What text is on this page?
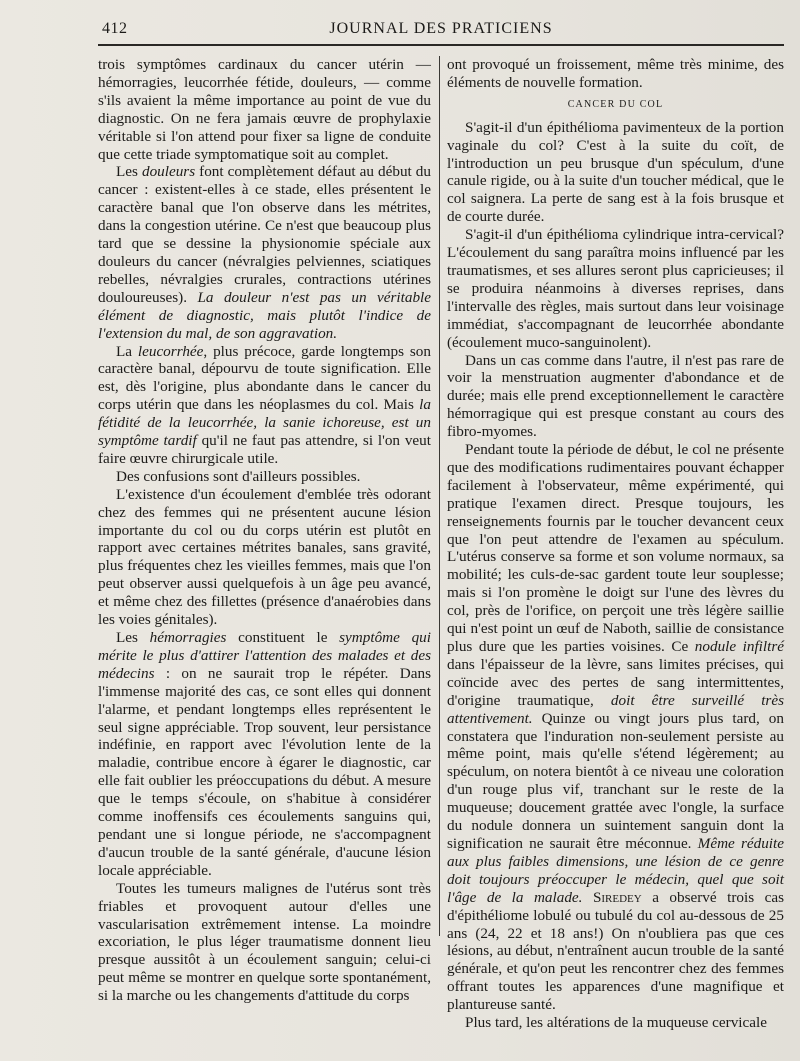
412	JOURNAL DES PRATICIENS

trois symptômes cardinaux du cancer utérin — hémorragies, leucorrhée fétide, douleurs, — comme s'ils avaient la même importance au point de vue du diagnostic. On ne fera jamais œuvre de prophylaxie véritable si l'on attend pour fixer sa ligne de conduite que cette triade symptomatique soit au complet.

Les douleurs font complètement défaut au début du cancer : existent-elles à ce stade, elles présentent le caractère banal que l'on observe dans les métrites, dans la congestion utérine. Ce n'est que beaucoup plus tard que se dessine la physionomie spéciale aux douleurs du cancer (névralgies pelviennes, sciatiques rebelles, névralgies crurales, contractions utérines douloureuses). La douleur n'est pas un véritable élément de diagnostic, mais plutôt l'indice de l'extension du mal, de son aggravation.

La leucorrhée, plus précoce, garde longtemps son caractère banal, dépourvu de toute signification. Elle est, dès l'origine, plus abondante dans le cancer du corps utérin que dans les néoplasmes du col. Mais la fétidité de la leucorrhée, la sanie ichoreuse, est un symptôme tardif qu'il ne faut pas attendre, si l'on veut faire œuvre chirurgicale utile.

Des confusions sont d'ailleurs possibles.

L'existence d'un écoulement d'emblée très odorant chez des femmes qui ne présentent aucune lésion importante du col ou du corps utérin est plutôt en rapport avec certaines métrites banales, sans gravité, plus fréquentes chez les vieilles femmes, mais que l'on peut observer aussi quelquefois à un âge peu avancé, et même chez des fillettes (présence d'anaérobies dans les voies génitales).

Les hémorragies constituent le symptôme qui mérite le plus d'attirer l'attention des malades et des médecins : on ne saurait trop le répéter. Dans l'immense majorité des cas, ce sont elles qui donnent l'alarme, et pendant longtemps elles représentent le seul signe appréciable. Trop souvent, leur persistance indéfinie, en rapport avec l'évolution lente de la maladie, contribue encore à égarer le diagnostic, car elle fait oublier les préoccupations du début. A mesure que le temps s'écoule, on s'habitue à considérer comme inoffensifs ces écoulements sanguins qui, pendant une si longue période, ne s'accompagnent d'aucun trouble de la santé générale, d'aucune lésion locale appréciable.

Toutes les tumeurs malignes de l'utérus sont très friables et provoquent autour d'elles une vascularisation extrêmement intense. La moindre excoriation, le plus léger traumatisme donnent lieu presque aussitôt à un écoulement sanguin; celui-ci peut même se montrer en quelque sorte spontanément, si la marche ou les changements d'attitude du corps

ont provoqué un froissement, même très minime, des éléments de nouvelle formation.

CANCER DU COL

S'agit-il d'un épithélioma pavimenteux de la portion vaginale du col? C'est à la suite du coït, de l'introduction un peu brusque d'un spéculum, d'une canule rigide, ou à la suite d'un toucher médical, que le col saignera. La perte de sang est à la fois brusque et de courte durée.

S'agit-il d'un épithélioma cylindrique intra-cervical? L'écoulement du sang paraîtra moins influencé par les traumatismes, et ses allures seront plus capricieuses; il se produira néanmoins à diverses reprises, dans l'intervalle des règles, mais surtout dans leur voisinage immédiat, s'accompagnant de leucorrhée abondante (écoulement muco-sanguinolent).

Dans un cas comme dans l'autre, il n'est pas rare de voir la menstruation augmenter d'abondance et de durée; mais elle prend exceptionnellement le caractère hémorragique qui est presque constant au cours des fibro-myomes.

Pendant toute la période de début, le col ne présente que des modifications rudimentaires pouvant échapper facilement à l'observateur, même expérimenté, qui pratique l'examen direct. Presque toujours, les renseignements fournis par le toucher devancent ceux que l'on peut attendre de l'examen au spéculum. L'utérus conserve sa forme et son volume normaux, sa mobilité; les culs-de-sac gardent toute leur souplesse; mais si l'on promène le doigt sur l'une des lèvres du col, près de l'orifice, on perçoit une très légère saillie qui n'est point un œuf de Naboth, saillie de consistance plus dure que les parties voisines. Ce nodule infiltré dans l'épaisseur de la lèvre, sans limites précises, qui coïncide avec des pertes de sang intermittentes, d'origine traumatique, doit être surveillé très attentivement. Quinze ou vingt jours plus tard, on constatera que l'induration non-seulement persiste au même point, mais qu'elle s'étend légèrement; au spéculum, on notera bientôt à ce niveau une coloration d'un rouge plus vif, tranchant sur le reste de la muqueuse; doucement grattée avec l'ongle, la surface du nodule donnera un suintement sanguin dont la signification ne saurait être méconnue. Même réduite aux plus faibles dimensions, une lésion de ce genre doit toujours préoccuper le médecin, quel que soit l'âge de la malade. Siredey a observé trois cas d'épithéliome lobulé ou tubulé du col au-dessous de 25 ans (24, 22 et 18 ans!) On n'oubliera pas que ces lésions, au début, n'entraînent aucun trouble de la santé générale, et qu'on peut les rencontrer chez des femmes offrant toutes les apparences d'une magnifique et plantureuse santé.

Plus tard, les altérations de la muqueuse cervicale
